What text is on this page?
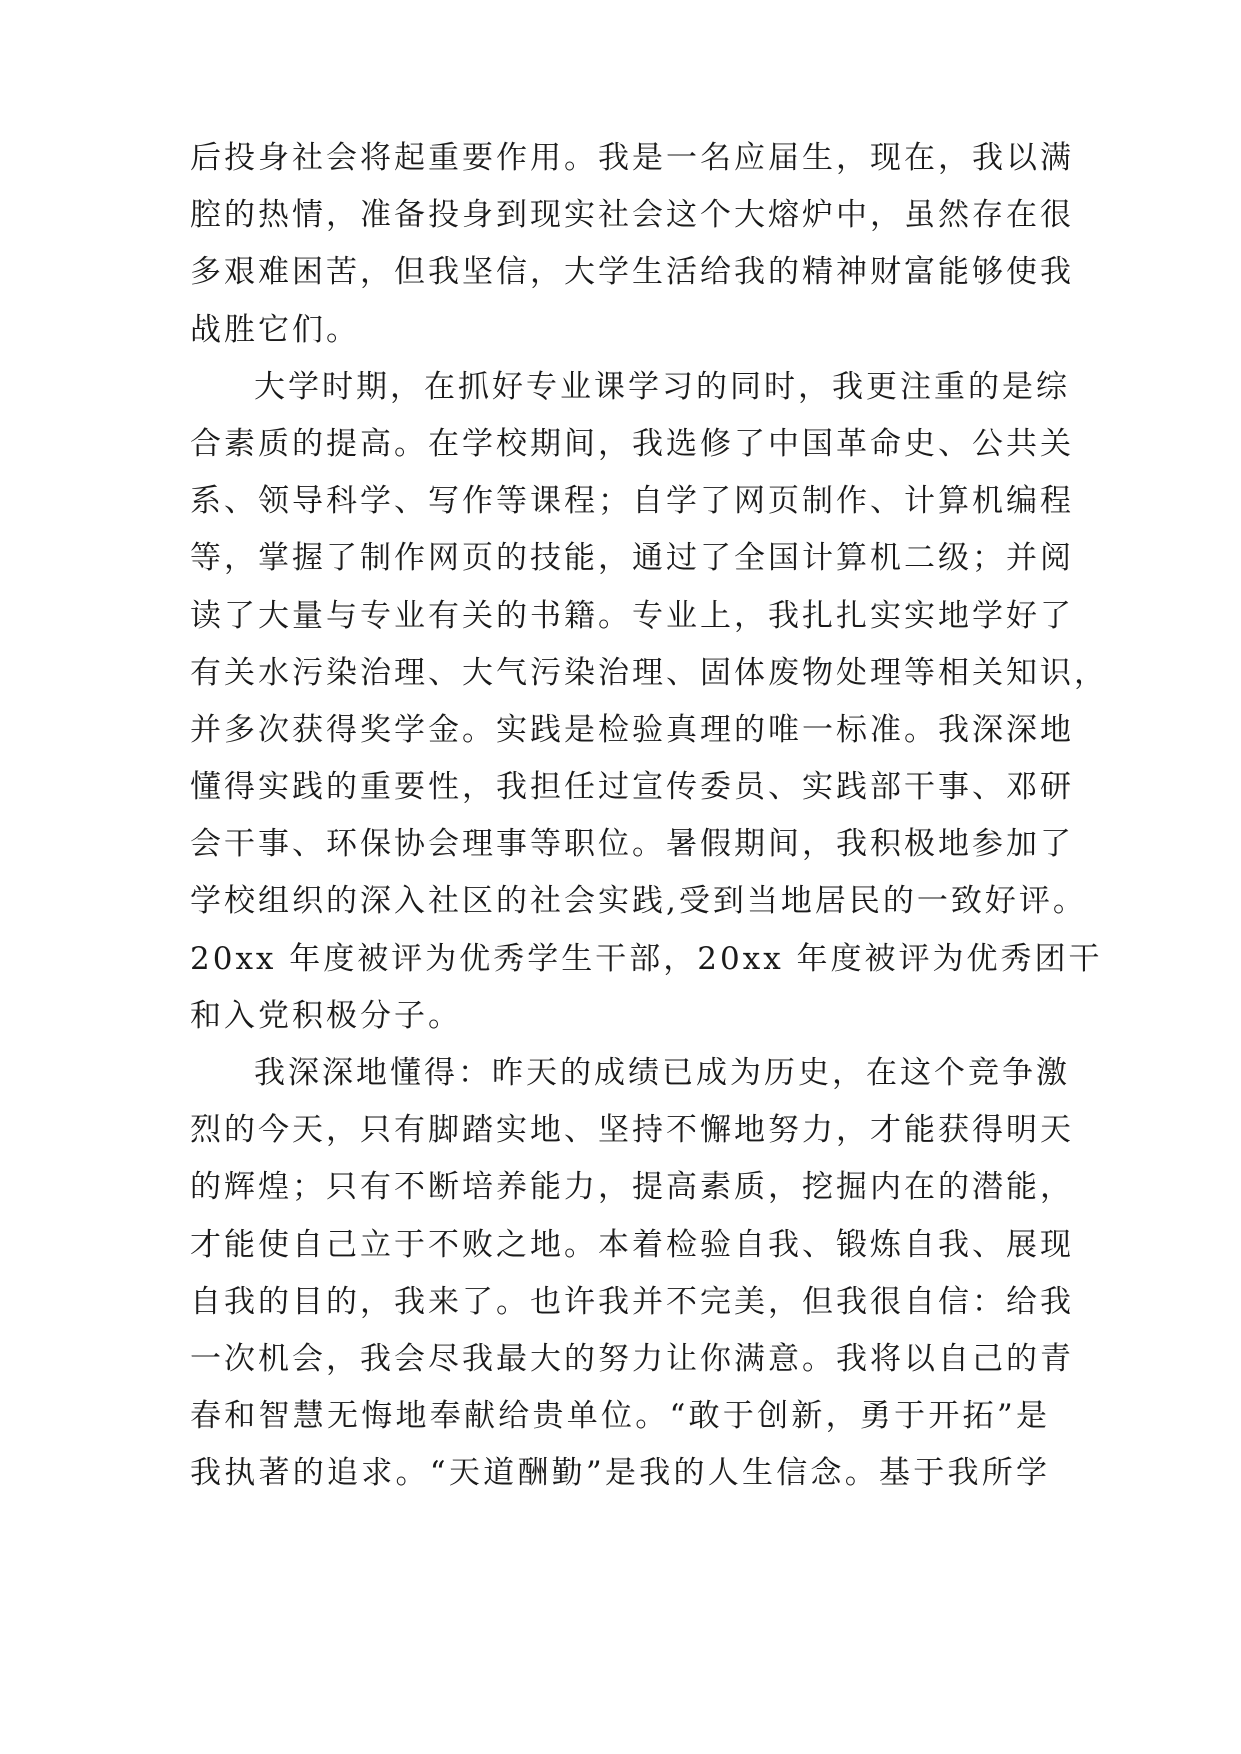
后投身社会将起重要作用。我是一名应届生，现在，我以满
腔的热情，准备投身到现实社会这个大熔炉中，虽然存在很
多艰难困苦，但我坚信，大学生活给我的精神财富能够使我
战胜它们。
大学时期，在抓好专业课学习的同时，我更注重的是综
合素质的提高。在学校期间，我选修了中国革命史、公共关
系、领导科学、写作等课程；自学了网页制作、计算机编程
等，掌握了制作网页的技能，通过了全国计算机二级；并阅
读了大量与专业有关的书籍。专业上，我扎扎实实地学好了
有关水污染治理、大气污染治理、固体废物处理等相关知识，
并多次获得奖学金。实践是检验真理的唯一标准。我深深地
懂得实践的重要性，我担任过宣传委员、实践部干事、邓研
会干事、环保协会理事等职位。暑假期间，我积极地参加了
学校组织的深入社区的社会实践,受到当地居民的一致好评。
20xx 年度被评为优秀学生干部，20xx 年度被评为优秀团干
和入党积极分子。
我深深地懂得：昨天的成绩已成为历史，在这个竞争激
烈的今天，只有脚踏实地、坚持不懈地努力，才能获得明天
的辉煌；只有不断培养能力，提高素质，挖掘内在的潜能，
才能使自己立于不败之地。本着检验自我、锻炼自我、展现
自我的目的，我来了。也许我并不完美，但我很自信：给我
一次机会，我会尽我最大的努力让你满意。我将以自己的青
春和智慧无悔地奉献给贵单位。“敢于创新，勇于开拓”是
我执著的追求。“天道酬勤”是我的人生信念。基于我所学
